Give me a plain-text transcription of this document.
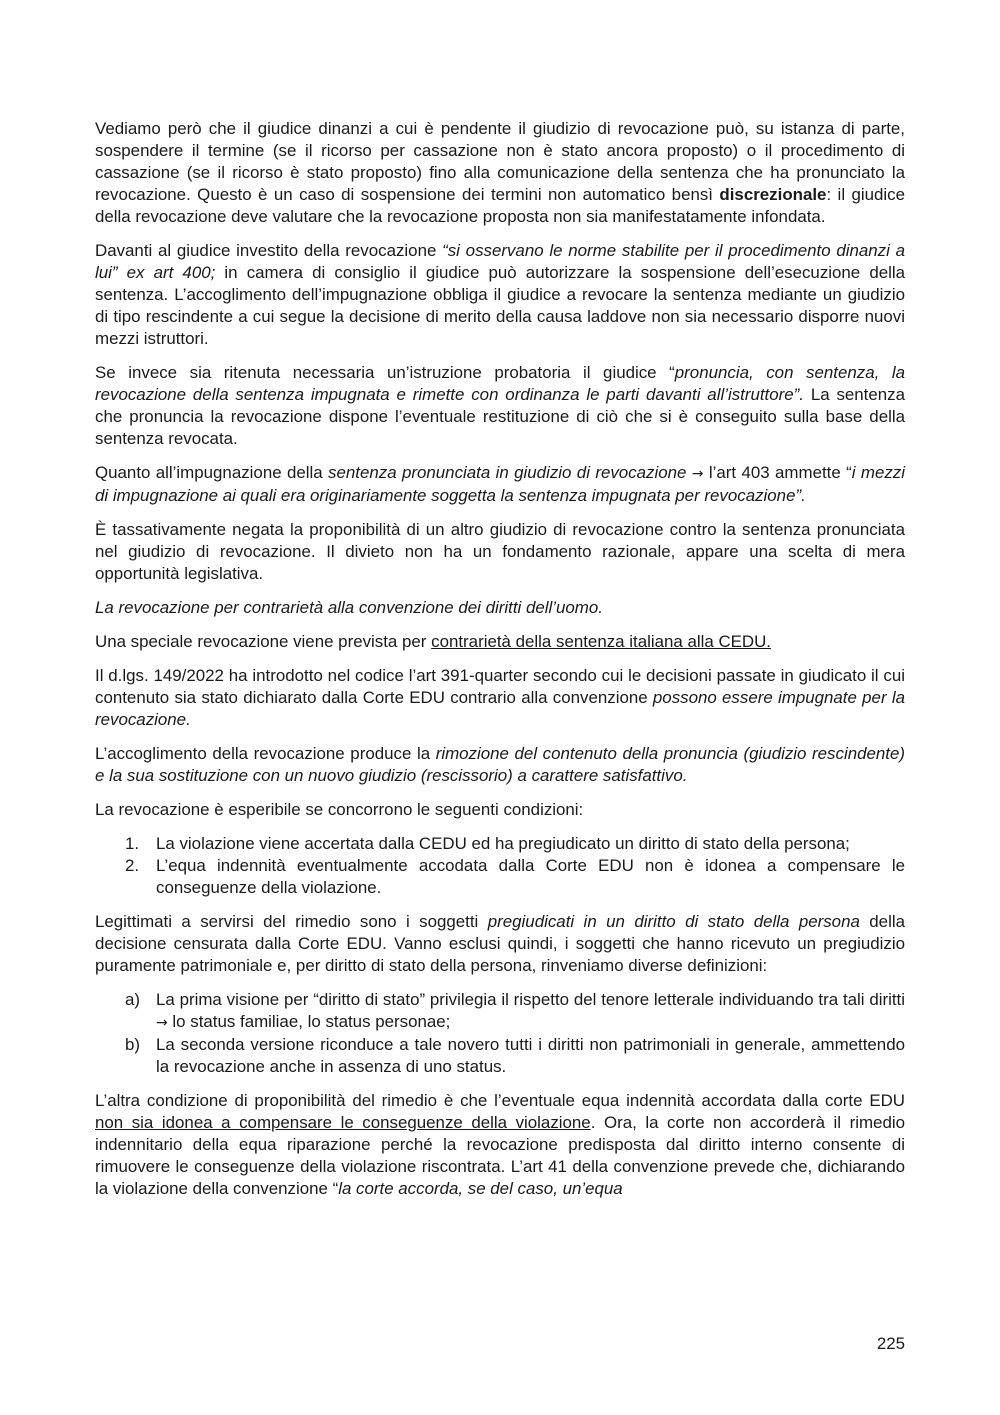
Vediamo però che il giudice dinanzi a cui è pendente il giudizio di revocazione può, su istanza di parte, sospendere il termine (se il ricorso per cassazione non è stato ancora proposto) o il procedimento di cassazione (se il ricorso è stato proposto) fino alla comunicazione della sentenza che ha pronunciato la revocazione. Questo è un caso di sospensione dei termini non automatico bensì discrezionale: il giudice della revocazione deve valutare che la revocazione proposta non sia manifestatamente infondata.

Davanti al giudice investito della revocazione “si osservano le norme stabilite per il procedimento dinanzi a lui” ex art 400; in camera di consiglio il giudice può autorizzare la sospensione dell’esecuzione della sentenza. L’accoglimento dell’impugnazione obbliga il giudice a revocare la sentenza mediante un giudizio di tipo rescindente a cui segue la decisione di merito della causa laddove non sia necessario disporre nuovi mezzi istruttori.

Se invece sia ritenuta necessaria un’istruzione probatoria il giudice “pronuncia, con sentenza, la revocazione della sentenza impugnata e rimette con ordinanza le parti davanti all’istruttore”. La sentenza che pronuncia la revocazione dispone l’eventuale restituzione di ciò che si è conseguito sulla base della sentenza revocata.

Quanto all’impugnazione della sentenza pronunciata in giudizio di revocazione → l’art 403 ammette “i mezzi di impugnazione ai quali era originariamente soggetta la sentenza impugnata per revocazione”.

È tassativamente negata la proponibilità di un altro giudizio di revocazione contro la sentenza pronunciata nel giudizio di revocazione. Il divieto non ha un fondamento razionale, appare una scelta di mera opportunità legislativa.

La revocazione per contrarietà alla convenzione dei diritti dell’uomo.

Una speciale revocazione viene prevista per contrarietà della sentenza italiana alla CEDU.

Il d.lgs. 149/2022 ha introdotto nel codice l’art 391-quarter secondo cui le decisioni passate in giudicato il cui contenuto sia stato dichiarato dalla Corte EDU contrario alla convenzione possono essere impugnate per la revocazione.

L’accoglimento della revocazione produce la rimozione del contenuto della pronuncia (giudizio rescindente) e la sua sostituzione con un nuovo giudizio (rescissorio) a carattere satisfattivo.

La revocazione è esperibile se concorrono le seguenti condizioni:

1. La violazione viene accertata dalla CEDU ed ha pregiudicato un diritto di stato della persona;
2. L’equa indennità eventualmente accodata dalla Corte EDU non è idonea a compensare le conseguenze della violazione.

Legittimati a servirsi del rimedio sono i soggetti pregiudicati in un diritto di stato della persona della decisione censurata dalla Corte EDU. Vanno esclusi quindi, i soggetti che hanno ricevuto un pregiudizio puramente patrimoniale e, per diritto di stato della persona, rinveniamo diverse definizioni:

a) La prima visione per “diritto di stato” privilegia il rispetto del tenore letterale individuando tra tali diritti → lo status familiae, lo status personae;
b) La seconda versione riconduce a tale novero tutti i diritti non patrimoniali in generale, ammettendo la revocazione anche in assenza di uno status.

L’altra condizione di proponibilità del rimedio è che l’eventuale equa indennità accordata dalla corte EDU non sia idonea a compensare le conseguenze della violazione. Ora, la corte non accorderà il rimedio indennitario della equa riparazione perché la revocazione predisposta dal diritto interno consente di rimuovere le conseguenze della violazione riscontrata. L’art 41 della convenzione prevede che, dichiarando la violazione della convenzione “la corte accorda, se del caso, un’equa

225
